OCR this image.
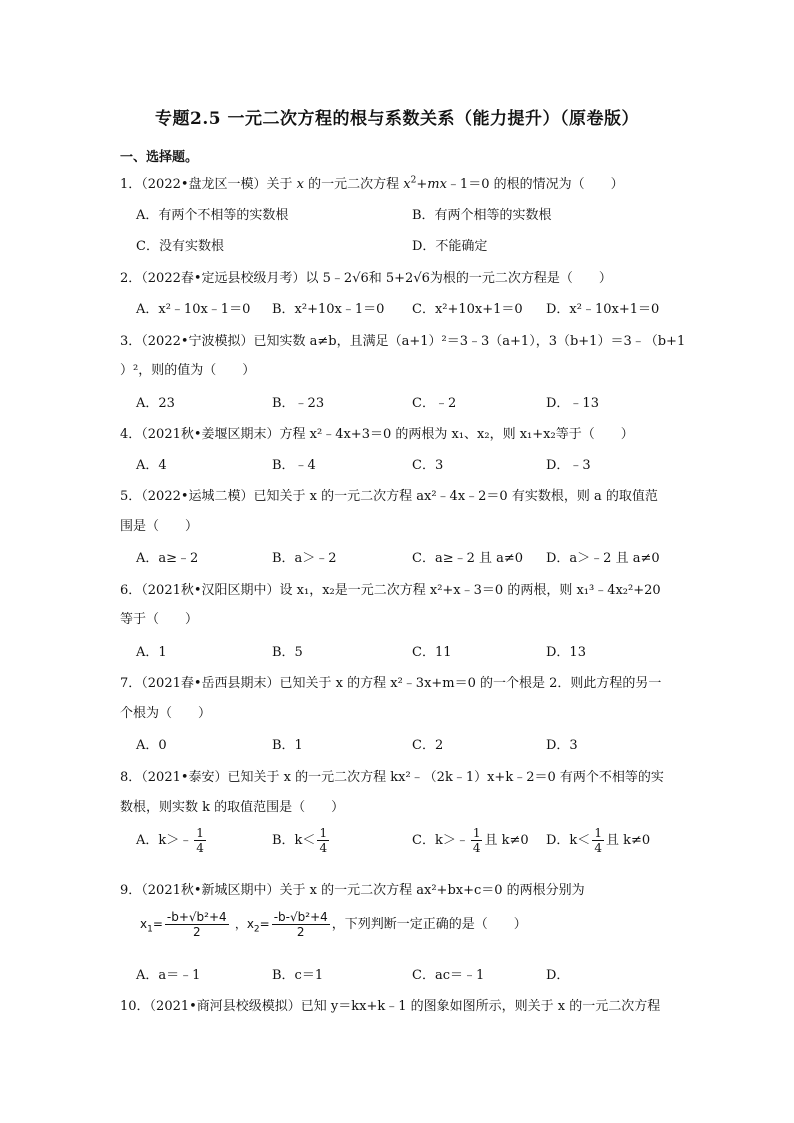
专题2.5 一元二次方程的根与系数关系（能力提升）（原卷版）
一、选择题。
1．（2022•盘龙区一模）关于 x 的一元二次方程 $x^2+mx﹣1=0$ 的根的情况为（　　）
A．有两个不相等的实数根	B．有两个相等的实数根
C．没有实数根	D．不能确定
2．（2022春•定远县校级月考）以 5﹣2√6和 5+2√6为根的一元二次方程是（　　）
A．x²﹣10x﹣1＝0 B．x²+10x﹣1＝0 C．x²+10x+1＝0 D．x²﹣10x+1＝0
3．（2022•宁波模拟）已知实数 a≠b，且满足（a+1）²＝3﹣3（a+1），3（b+1）＝3﹣（b+1
）²，则的值为（　　）
A．23	B．﹣23	C．﹣2	D．﹣13
4．（2021秋•姜堰区期末）方程 x²﹣4x+3＝0 的两根为 x₁、x₂，则 x₁+x₂等于（　　）
A．4	B．﹣4	C．3	D．﹣3
5．（2022•运城二模）已知关于 x 的一元二次方程 ax²﹣4x﹣2＝0 有实数根，则 a 的取值范
围是（　　）
A．a≥﹣2	B．a＞﹣2	C．a≥﹣2 且 a≠0 D．a＞﹣2 且 a≠0
6．（2021秋•汉阳区期中）设 x₁，x₂是一元二次方程 x²+x﹣3＝0 的两根，则 x₁³﹣4x₂²+20
等于（　　）
A．1	B．5	C．11	D．13
7．（2021春•岳西县期末）已知关于 x 的方程 x²﹣3x+m＝0 的一个根是 2．则此方程的另一
个根为（　　）
A．0	B．1	C．2	D．3
8．（2021•泰安）已知关于 x 的一元二次方程 kx²﹣（2k﹣1）x+k﹣2＝0 有两个不相等的实
数根，则实数 k 的取值范围是（　　）
A．k＞﹣ $\frac{1}{4}$	B．$k< \frac{1}{4}$	C．k＞﹣ $\frac{1}{4}$ 且 k≠0 D．$k< \frac{1}{4}$ 且 k≠0
9．（2021秋•新城区期中）关于 x 的一元二次方程 ax²+bx+c＝0 的两根分别为
$x_1= \frac{\text{-b+√b²+4}}{2}$ ，$x_2= \frac{\text{-b-√b²+4}}{2}$ ，下列判断一定正确的是（　　）
A．a＝﹣1	B．c＝1	C．ac＝﹣1	D．
10．（2021•商河县校级模拟）已知 y＝kx+k﹣1 的图象如图所示，则关于 x 的一元二次方程
